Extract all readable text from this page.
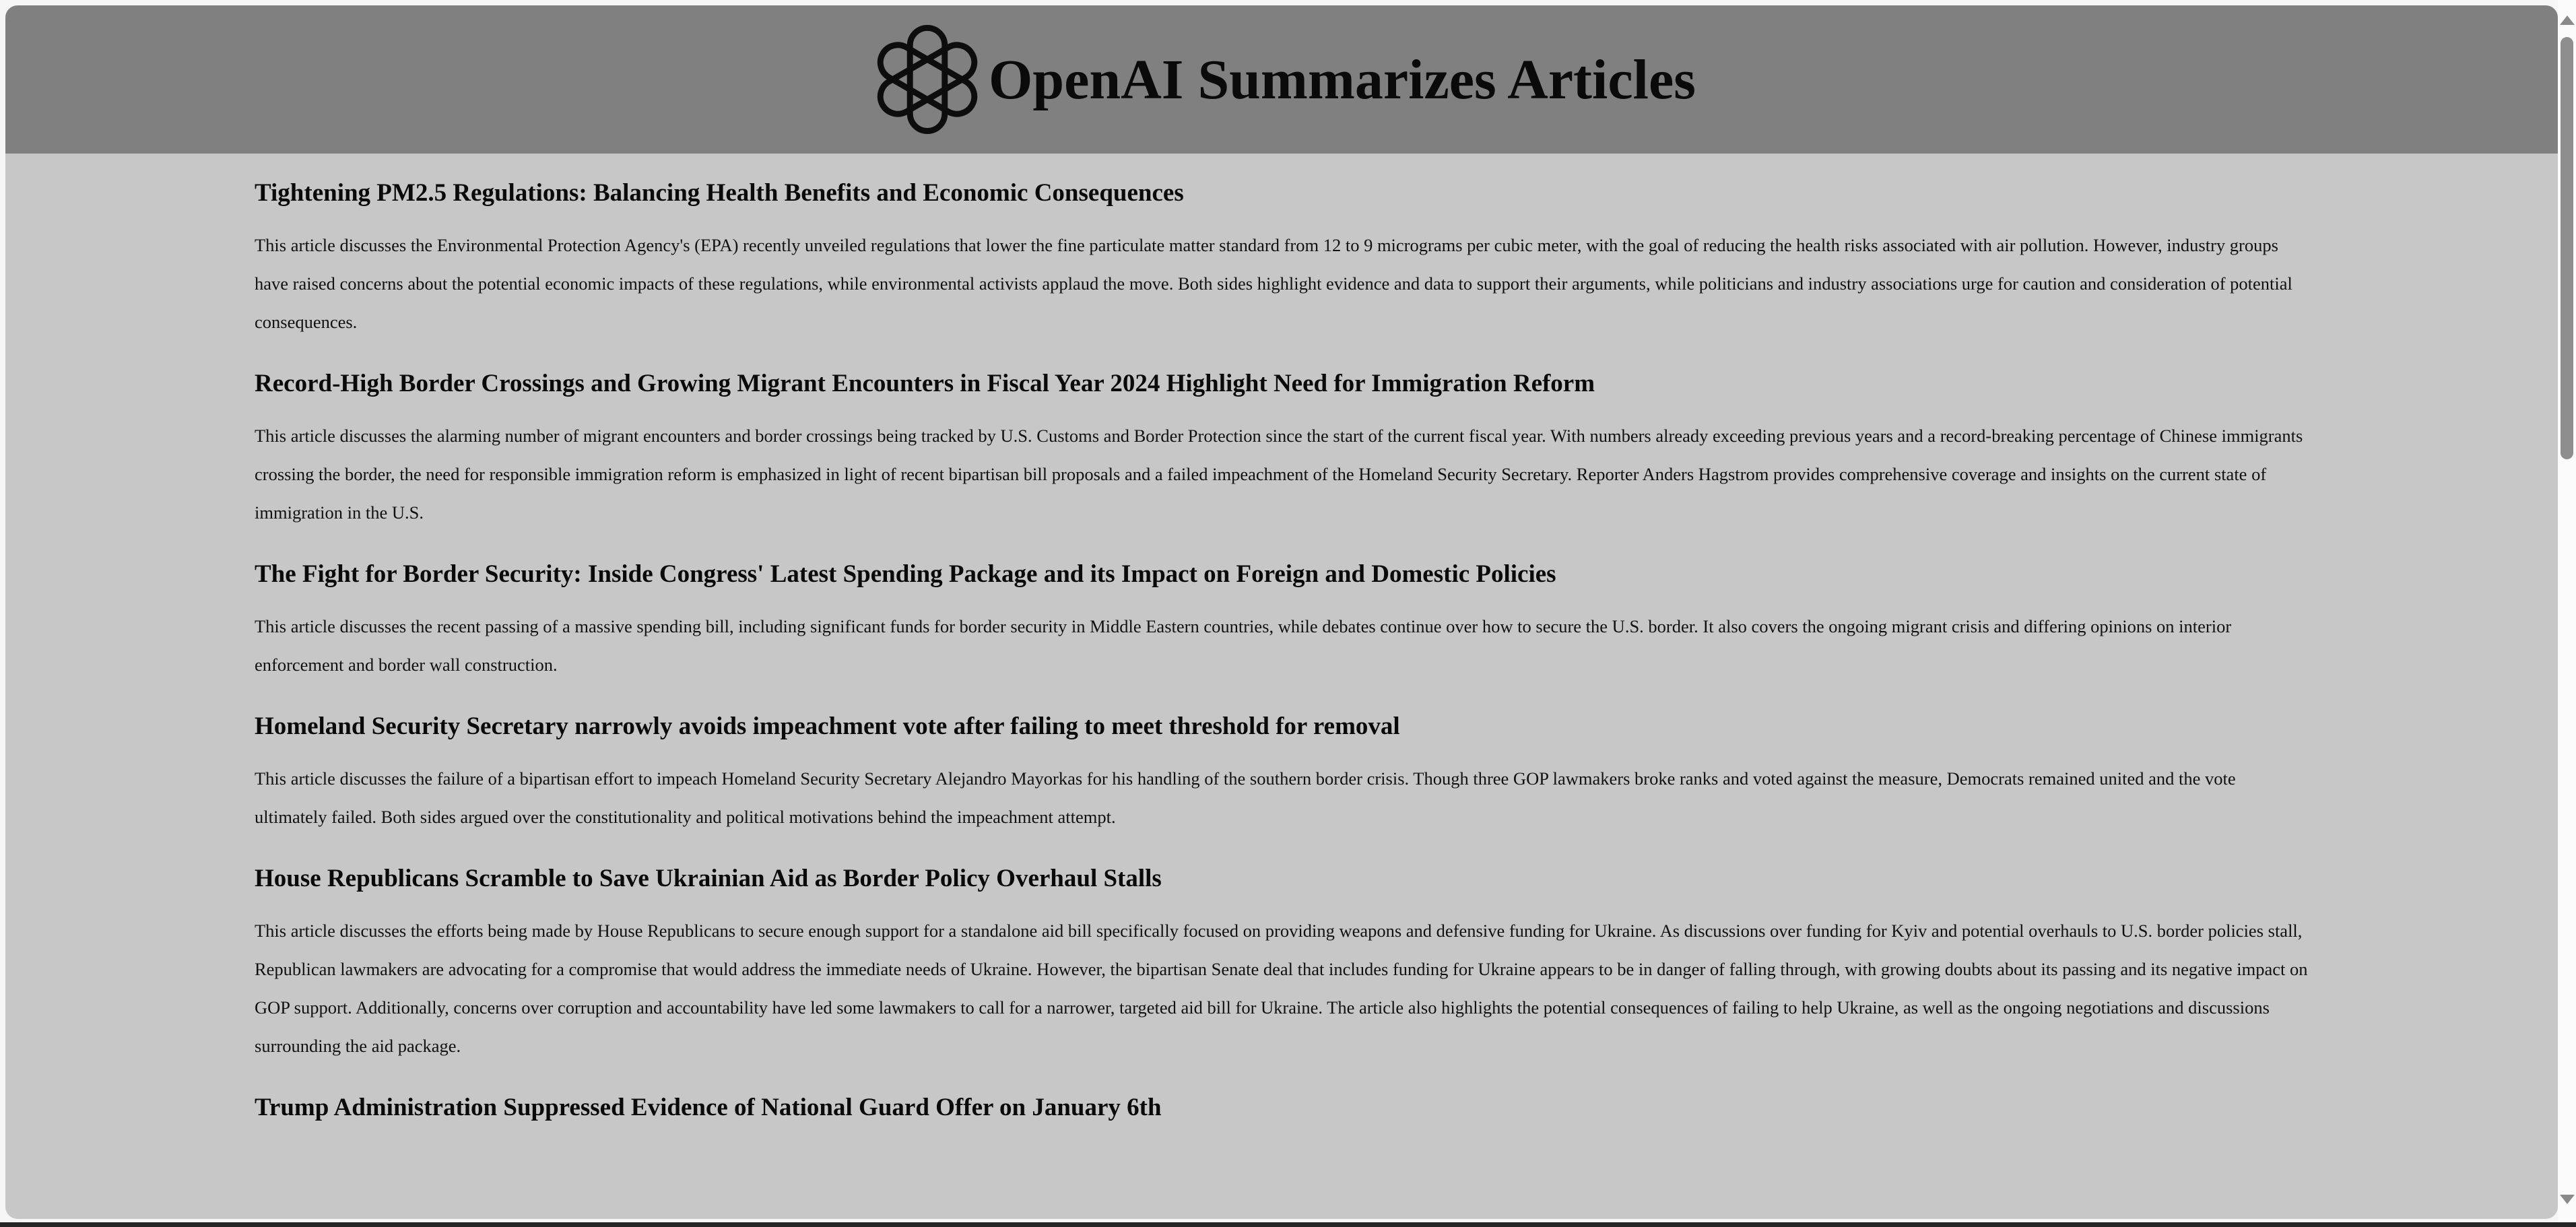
OpenAI Summarizes Articles
Tightening PM2.5 Regulations: Balancing Health Benefits and Economic Consequences

This article discusses the Environmental Protection Agency's (EPA) recently unveiled regulations that lower the fine particulate matter standard from 12 to 9 micrograms per cubic meter, with the goal of reducing the health risks associated with air pollution. However, industry groups have raised concerns about the potential economic impacts of these regulations, while environmental activists applaud the move. Both sides highlight evidence and data to support their arguments, while politicians and industry associations urge for caution and consideration of potential consequences.

Record-High Border Crossings and Growing Migrant Encounters in Fiscal Year 2024 Highlight Need for Immigration Reform

This article discusses the alarming number of migrant encounters and border crossings being tracked by U.S. Customs and Border Protection since the start of the current fiscal year. With numbers already exceeding previous years and a record-breaking percentage of Chinese immigrants crossing the border, the need for responsible immigration reform is emphasized in light of recent bipartisan bill proposals and a failed impeachment of the Homeland Security Secretary. Reporter Anders Hagstrom provides comprehensive coverage and insights on the current state of immigration in the U.S.

The Fight for Border Security: Inside Congress' Latest Spending Package and its Impact on Foreign and Domestic Policies

This article discusses the recent passing of a massive spending bill, including significant funds for border security in Middle Eastern countries, while debates continue over how to secure the U.S. border. It also covers the ongoing migrant crisis and differing opinions on interior enforcement and border wall construction.

Homeland Security Secretary narrowly avoids impeachment vote after failing to meet threshold for removal

This article discusses the failure of a bipartisan effort to impeach Homeland Security Secretary Alejandro Mayorkas for his handling of the southern border crisis. Though three GOP lawmakers broke ranks and voted against the measure, Democrats remained united and the vote ultimately failed. Both sides argued over the constitutionality and political motivations behind the impeachment attempt.

House Republicans Scramble to Save Ukrainian Aid as Border Policy Overhaul Stalls

This article discusses the efforts being made by House Republicans to secure enough support for a standalone aid bill specifically focused on providing weapons and defensive funding for Ukraine. As discussions over funding for Kyiv and potential overhauls to U.S. border policies stall, Republican lawmakers are advocating for a compromise that would address the immediate needs of Ukraine. However, the bipartisan Senate deal that includes funding for Ukraine appears to be in danger of falling through, with growing doubts about its passing and its negative impact on GOP support. Additionally, concerns over corruption and accountability have led some lawmakers to call for a narrower, targeted aid bill for Ukraine. The article also highlights the potential consequences of failing to help Ukraine, as well as the ongoing negotiations and discussions surrounding the aid package.

Trump Administration Suppressed Evidence of National Guard Offer on January 6th
